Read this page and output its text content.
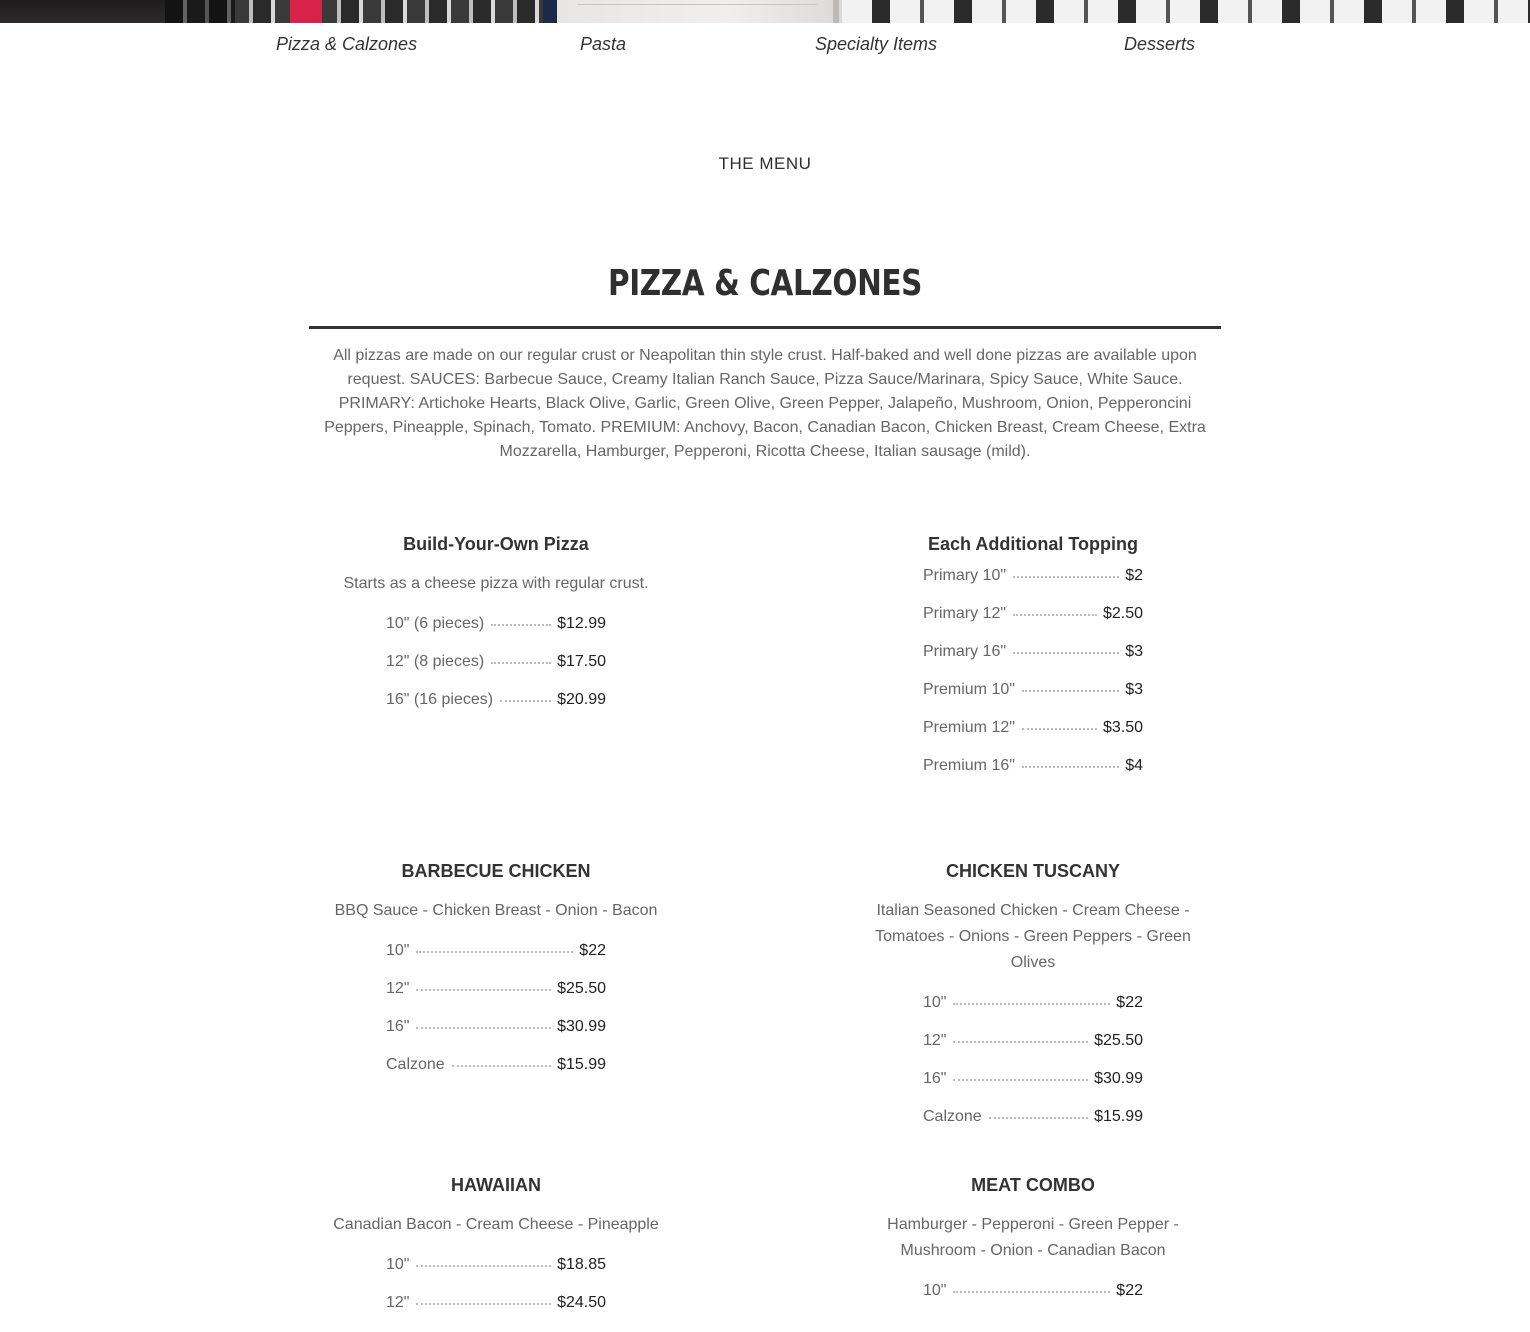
Pizza & Calzones	Pasta	Specialty Items	Desserts
THE MENU
PIZZA & CALZONES

All pizzas are made on our regular crust or Neapolitan thin style crust. Half-baked and well done pizzas are available upon request. SAUCES: Barbecue Sauce, Creamy Italian Ranch Sauce, Pizza Sauce/Marinara, Spicy Sauce, White Sauce. PRIMARY: Artichoke Hearts, Black Olive, Garlic, Green Olive, Green Pepper, Jalapeño, Mushroom, Onion, Pepperoncini Peppers, Pineapple, Spinach, Tomato. PREMIUM: Anchovy, Bacon, Canadian Bacon, Chicken Breast, Cream Cheese, Extra Mozzarella, Hamburger, Pepperoni, Ricotta Cheese, Italian sausage (mild).

Build-Your-Own Pizza
Starts as a cheese pizza with regular crust.
10" (6 pieces)	$12.99
12" (8 pieces)	$17.50
16" (16 pieces)	$20.99
Each Additional Topping
Primary 10"	$2
Primary 12"	$2.50
Primary 16"	$3
Premium 10"	$3
Premium 12"	$3.50
Premium 16"	$4
BARBECUE CHICKEN
BBQ Sauce - Chicken Breast - Onion - Bacon
10"	$22
12"	$25.50
16"	$30.99
Calzone	$15.99
CHICKEN TUSCANY
Italian Seasoned Chicken - Cream Cheese - Tomatoes - Onions - Green Peppers - Green Olives
10"	$22
12"	$25.50
16"	$30.99
Calzone	$15.99
HAWAIIAN
Canadian Bacon - Cream Cheese - Pineapple
10"	$18.85
12"	$24.50
MEAT COMBO
Hamburger - Pepperoni - Green Pepper - Mushroom - Onion - Canadian Bacon
10"	$22
